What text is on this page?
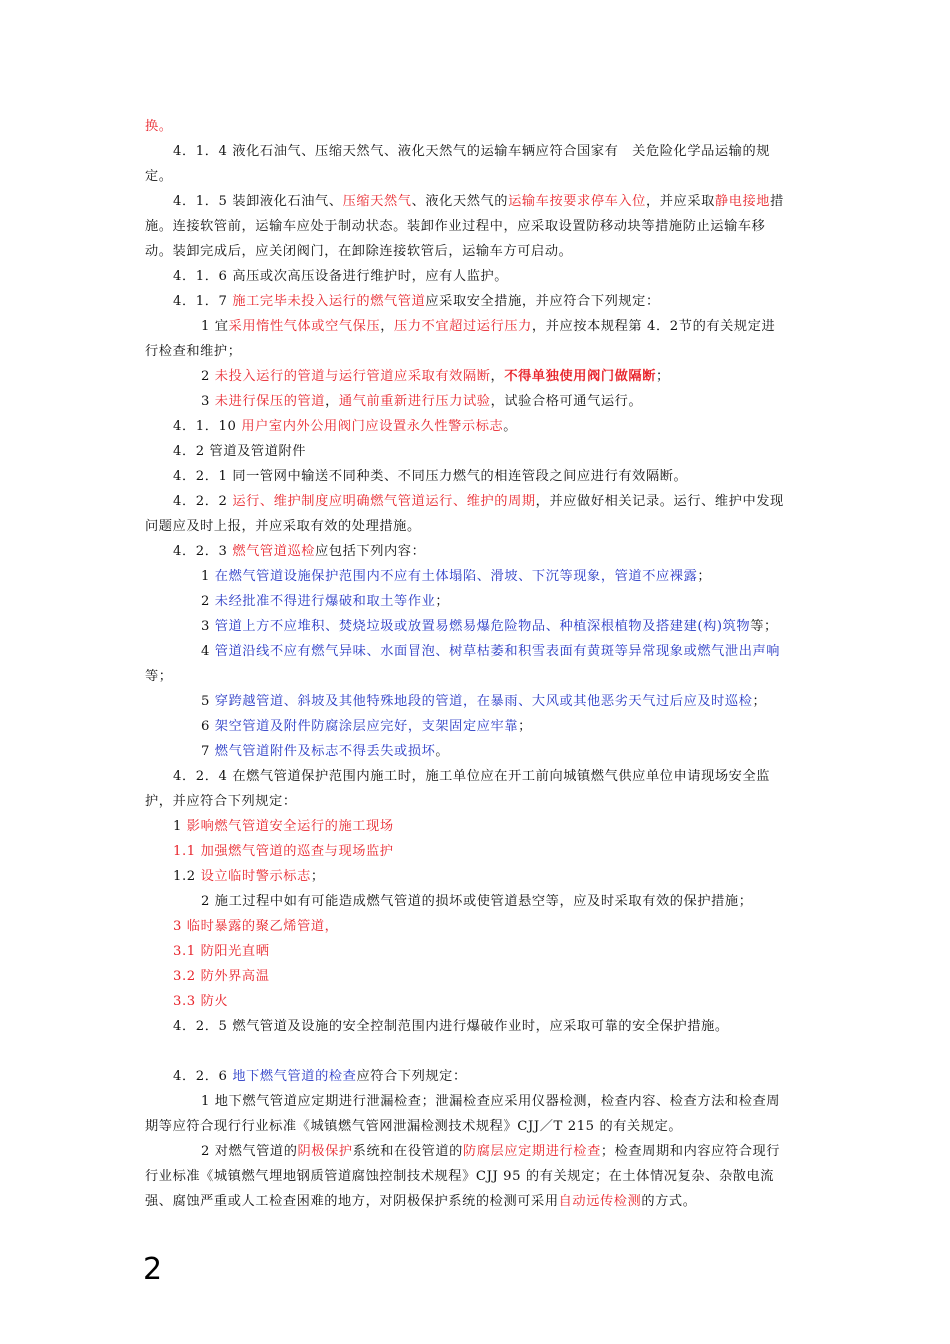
换。

4．1．4 液化石油气、压缩天然气、液化天然气的运输车辆应符合国家有　关危险化学品运输的规

定。

4．1．5 装卸液化石油气、压缩天然气、液化天然气的运输车按要求停车入位，并应采取静电接地措

施。连接软管前，运输车应处于制动状态。装卸作业过程中，应采取设置防移动块等措施防止运输车移

动。装卸完成后，应关闭阀门，在卸除连接软管后，运输车方可启动。

4．1．6 高压或次高压设备进行维护时，应有人监护。

4．1．7 施工完毕未投入运行的燃气管道应采取安全措施，并应符合下列规定：

1 宜采用惰性气体或空气保压，压力不宜超过运行压力，并应按本规程第 4．2节的有关规定进

行检查和维护；

2 未投入运行的管道与运行管道应采取有效隔断，不得单独使用阀门做隔断；

3 未进行保压的管道，通气前重新进行压力试验，试验合格可通气运行。

4．1．10 用户室内外公用阀门应设置永久性警示标志。

4．2 管道及管道附件

4．2．1 同一管网中输送不同种类、不同压力燃气的相连管段之间应进行有效隔断。

4．2．2 运行、维护制度应明确燃气管道运行、维护的周期，并应做好相关记录。运行、维护中发现

问题应及时上报，并应采取有效的处理措施。

4．2．3 燃气管道巡检应包括下列内容：

1 在燃气管道设施保护范围内不应有土体塌陷、滑坡、下沉等现象，管道不应裸露；

2 未经批准不得进行爆破和取土等作业；

3 管道上方不应堆积、焚烧垃圾或放置易燃易爆危险物品、种植深根植物及搭建建(构)筑物等；

4 管道沿线不应有燃气异味、水面冒泡、树草枯萎和积雪表面有黄斑等异常现象或燃气泄出声响

等；

5 穿跨越管道、斜坡及其他特殊地段的管道，在暴雨、大风或其他恶劣天气过后应及时巡检；

6 架空管道及附件防腐涂层应完好，支架固定应牢靠；

7 燃气管道附件及标志不得丢失或损坏。

4．2．4 在燃气管道保护范围内施工时，施工单位应在开工前向城镇燃气供应单位申请现场安全监

护，并应符合下列规定：

1 影响燃气管道安全运行的施工现场

1.1 加强燃气管道的巡查与现场监护

1.2 设立临时警示标志；

2 施工过程中如有可能造成燃气管道的损坏或使管道悬空等，应及时采取有效的保护措施；

3 临时暴露的聚乙烯管道，

3.1 防阳光直晒

3.2 防外界高温

3.3 防火

4．2．5 燃气管道及设施的安全控制范围内进行爆破作业时，应采取可靠的安全保护措施。

4．2．6 地下燃气管道的检查应符合下列规定：

1 地下燃气管道应定期进行泄漏检查；泄漏检查应采用仪器检测，检查内容、检查方法和检查周

期等应符合现行行业标准《城镇燃气管网泄漏检测技术规程》CJJ／T 215 的有关规定。

2 对燃气管道的阴极保护系统和在役管道的防腐层应定期进行检查；检查周期和内容应符合现行

行业标准《城镇燃气埋地钢质管道腐蚀控制技术规程》CJJ 95 的有关规定；在土体情况复杂、杂散电流

强、腐蚀严重或人工检查困难的地方，对阴极保护系统的检测可采用自动远传检测的方式。

2
